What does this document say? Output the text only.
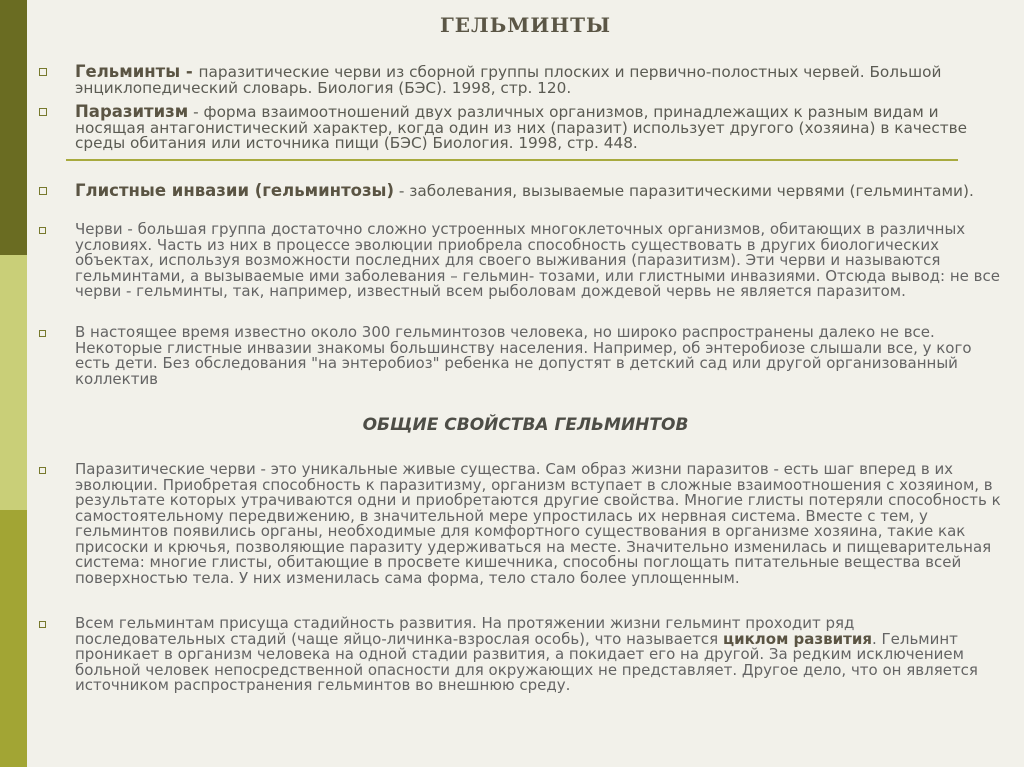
ГЕЛЬМИНТЫ
Гельминты - паразитические черви из сборной группы плоских и первично-полостных червей. Большой энциклопедический словарь. Биология (БЭС). 1998, стр. 120.
Паразитизм - форма взаимоотношений двух различных организмов, принадлежащих к разным видам и носящая антагонистический характер, когда один из них (паразит) использует другого (хозяина) в качестве среды обитания или источника пищи (БЭС) Биология. 1998, стр. 448.
Глистные инвазии (гельминтозы) - заболевания, вызываемые паразитическими червями (гельминтами).
Черви - большая группа достаточно сложно устроенных многоклеточных организмов, обитающих в различных условиях. Часть из них в процессе эволюции приобрела способность существовать в других биологических объектах, используя возможности последних для своего выживания (паразитизм). Эти черви и называются гельминтами, а вызываемые ими заболевания – гельмин- тозами, или глистными инвазиями. Отсюда вывод: не все черви - гельминты, так, например, известный всем рыболовам дождевой червь не является паразитом.
В настоящее время известно около 300 гельминтозов человека, но широко распространены далеко не все. Некоторые глистные инвазии знакомы большинству населения. Например, об энтеробиозе слышали все, у кого есть дети. Без обследования "на энтеробиоз" ребенка не допустят в детский сад или другой организованный коллектив
ОБЩИЕ СВОЙСТВА ГЕЛЬМИНТОВ
Паразитические черви - это уникальные живые существа. Сам образ жизни паразитов - есть шаг вперед в их эволюции. Приобретая способность к паразитизму, организм вступает в сложные взаимоотношения с хозяином, в результате которых утрачиваются одни и приобретаются другие свойства. Многие глисты потеряли способность к самостоятельному передвижению, в значительной мере упростилась их нервная система. Вместе с тем, у гельминтов появились органы, необходимые для комфортного существования в организме хозяина, такие как присоски и крючья, позволяющие паразиту удерживаться на месте. Значительно изменилась и пищеварительная система: многие глисты, обитающие в просвете кишечника, способны поглощать питательные вещества всей поверхностью тела. У них изменилась сама форма, тело стало более уплощенным.
Всем гельминтам присуща стадийность развития. На протяжении жизни гельминт проходит ряд последовательных стадий (чаще яйцо-личинка-взрослая особь), что называется циклом развития. Гельминт проникает в организм человека на одной стадии развития, а покидает его на другой. За редким исключением больной человек непосредственной опасности для окружающих не представляет. Другое дело, что он является источником распространения гельминтов во внешнюю среду.
